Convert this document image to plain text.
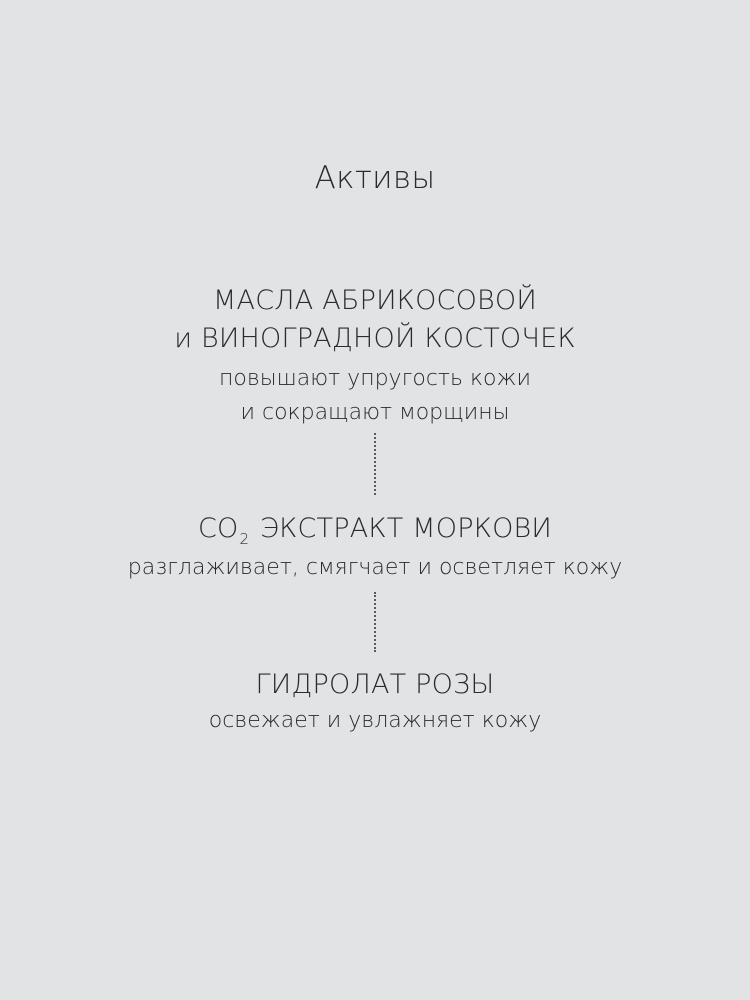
Активы
МАСЛА АБРИКОСОВОЙ
и ВИНОГРАДНОЙ КОСТОЧЕК
повышают упругость кожи
и сокращают морщины
$CO_2$ ЭКСТРАКТ МОРКОВИ
разглаживает, смягчает и осветляет кожу
ГИДРОЛАТ РОЗЫ
освежает и увлажняет кожу
